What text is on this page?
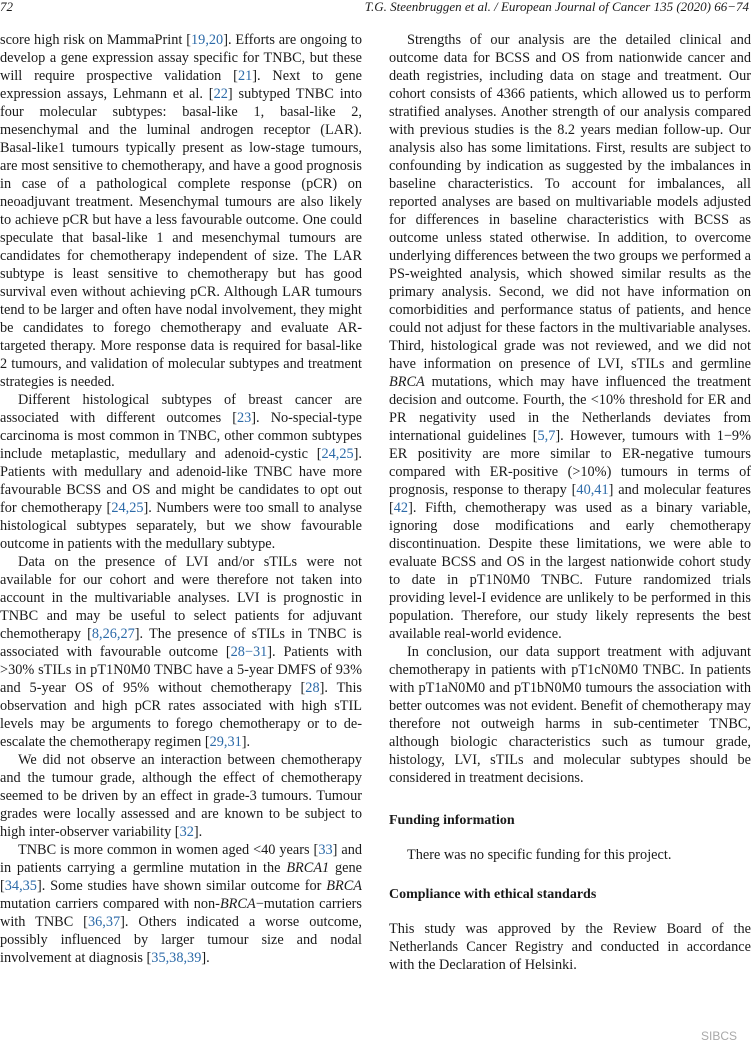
72	T.G. Steenbruggen et al. / European Journal of Cancer 135 (2020) 66−74

score high risk on MammaPrint [19,20]. Efforts are ongoing to develop a gene expression assay specific for TNBC, but these will require prospective validation [21]. Next to gene expression assays, Lehmann et al. [22] subtyped TNBC into four molecular subtypes: basal-like 1, basal-like 2, mesenchymal and the luminal androgen receptor (LAR). Basal-like1 tumours typically present as low-stage tumours, are most sensitive to chemotherapy, and have a good prognosis in case of a pathological complete response (pCR) on neoadjuvant treatment. Mesenchymal tumours are also likely to achieve pCR but have a less favourable outcome. One could speculate that basal-like 1 and mesenchymal tumours are candidates for chemotherapy independent of size. The LAR subtype is least sensitive to chemotherapy but has good survival even without achieving pCR. Although LAR tumours tend to be larger and often have nodal involvement, they might be candidates to forego chemotherapy and evaluate AR-targeted therapy. More response data is required for basal-like 2 tumours, and validation of molecular subtypes and treatment strategies is needed.

Different histological subtypes of breast cancer are associated with different outcomes [23]. No-special-type carcinoma is most common in TNBC, other common subtypes include metaplastic, medullary and adenoid-cystic [24,25]. Patients with medullary and adenoid-like TNBC have more favourable BCSS and OS and might be candidates to opt out for chemotherapy [24,25]. Numbers were too small to analyse histological subtypes separately, but we show favourable outcome in patients with the medullary subtype.

Data on the presence of LVI and/or sTILs were not available for our cohort and were therefore not taken into account in the multivariable analyses. LVI is prognostic in TNBC and may be useful to select patients for adjuvant chemotherapy [8,26,27]. The presence of sTILs in TNBC is associated with favourable outcome [28−31]. Patients with >30% sTILs in pT1N0M0 TNBC have a 5-year DMFS of 93% and 5-year OS of 95% without chemotherapy [28]. This observation and high pCR rates associated with high sTIL levels may be arguments to forego chemotherapy or to de-escalate the chemotherapy regimen [29,31].

We did not observe an interaction between chemotherapy and the tumour grade, although the effect of chemotherapy seemed to be driven by an effect in grade-3 tumours. Tumour grades were locally assessed and are known to be subject to high inter-observer variability [32].

TNBC is more common in women aged <40 years [33] and in patients carrying a germline mutation in the BRCA1 gene [34,35]. Some studies have shown similar outcome for BRCA mutation carriers compared with non-BRCA−mutation carriers with TNBC [36,37]. Others indicated a worse outcome, possibly influenced by larger tumour size and nodal involvement at diagnosis [35,38,39].

Strengths of our analysis are the detailed clinical and outcome data for BCSS and OS from nationwide cancer and death registries, including data on stage and treatment. Our cohort consists of 4366 patients, which allowed us to perform stratified analyses. Another strength of our analysis compared with previous studies is the 8.2 years median follow-up. Our analysis also has some limitations. First, results are subject to confounding by indication as suggested by the imbalances in baseline characteristics. To account for imbalances, all reported analyses are based on multivariable models adjusted for differences in baseline characteristics with BCSS as outcome unless stated otherwise. In addition, to overcome underlying differences between the two groups we performed a PS-weighted analysis, which showed similar results as the primary analysis. Second, we did not have information on comorbidities and performance status of patients, and hence could not adjust for these factors in the multivariable analyses. Third, histological grade was not reviewed, and we did not have information on presence of LVI, sTILs and germline BRCA mutations, which may have influenced the treatment decision and outcome. Fourth, the <10% threshold for ER and PR negativity used in the Netherlands deviates from international guidelines [5,7]. However, tumours with 1−9% ER positivity are more similar to ER-negative tumours compared with ER-positive (>10%) tumours in terms of prognosis, response to therapy [40,41] and molecular features [42]. Fifth, chemotherapy was used as a binary variable, ignoring dose modifications and early chemotherapy discontinuation. Despite these limitations, we were able to evaluate BCSS and OS in the largest nationwide cohort study to date in pT1N0M0 TNBC. Future randomized trials providing level-I evidence are unlikely to be performed in this population. Therefore, our study likely represents the best available real-world evidence.

In conclusion, our data support treatment with adjuvant chemotherapy in patients with pT1cN0M0 TNBC. In patients with pT1aN0M0 and pT1bN0M0 tumours the association with better outcomes was not evident. Benefit of chemotherapy may therefore not outweigh harms in sub-centimeter TNBC, although biologic characteristics such as tumour grade, histology, LVI, sTILs and molecular subtypes should be considered in treatment decisions.

Funding information

There was no specific funding for this project.

Compliance with ethical standards

This study was approved by the Review Board of the Netherlands Cancer Registry and conducted in accordance with the Declaration of Helsinki.

SIBCS
